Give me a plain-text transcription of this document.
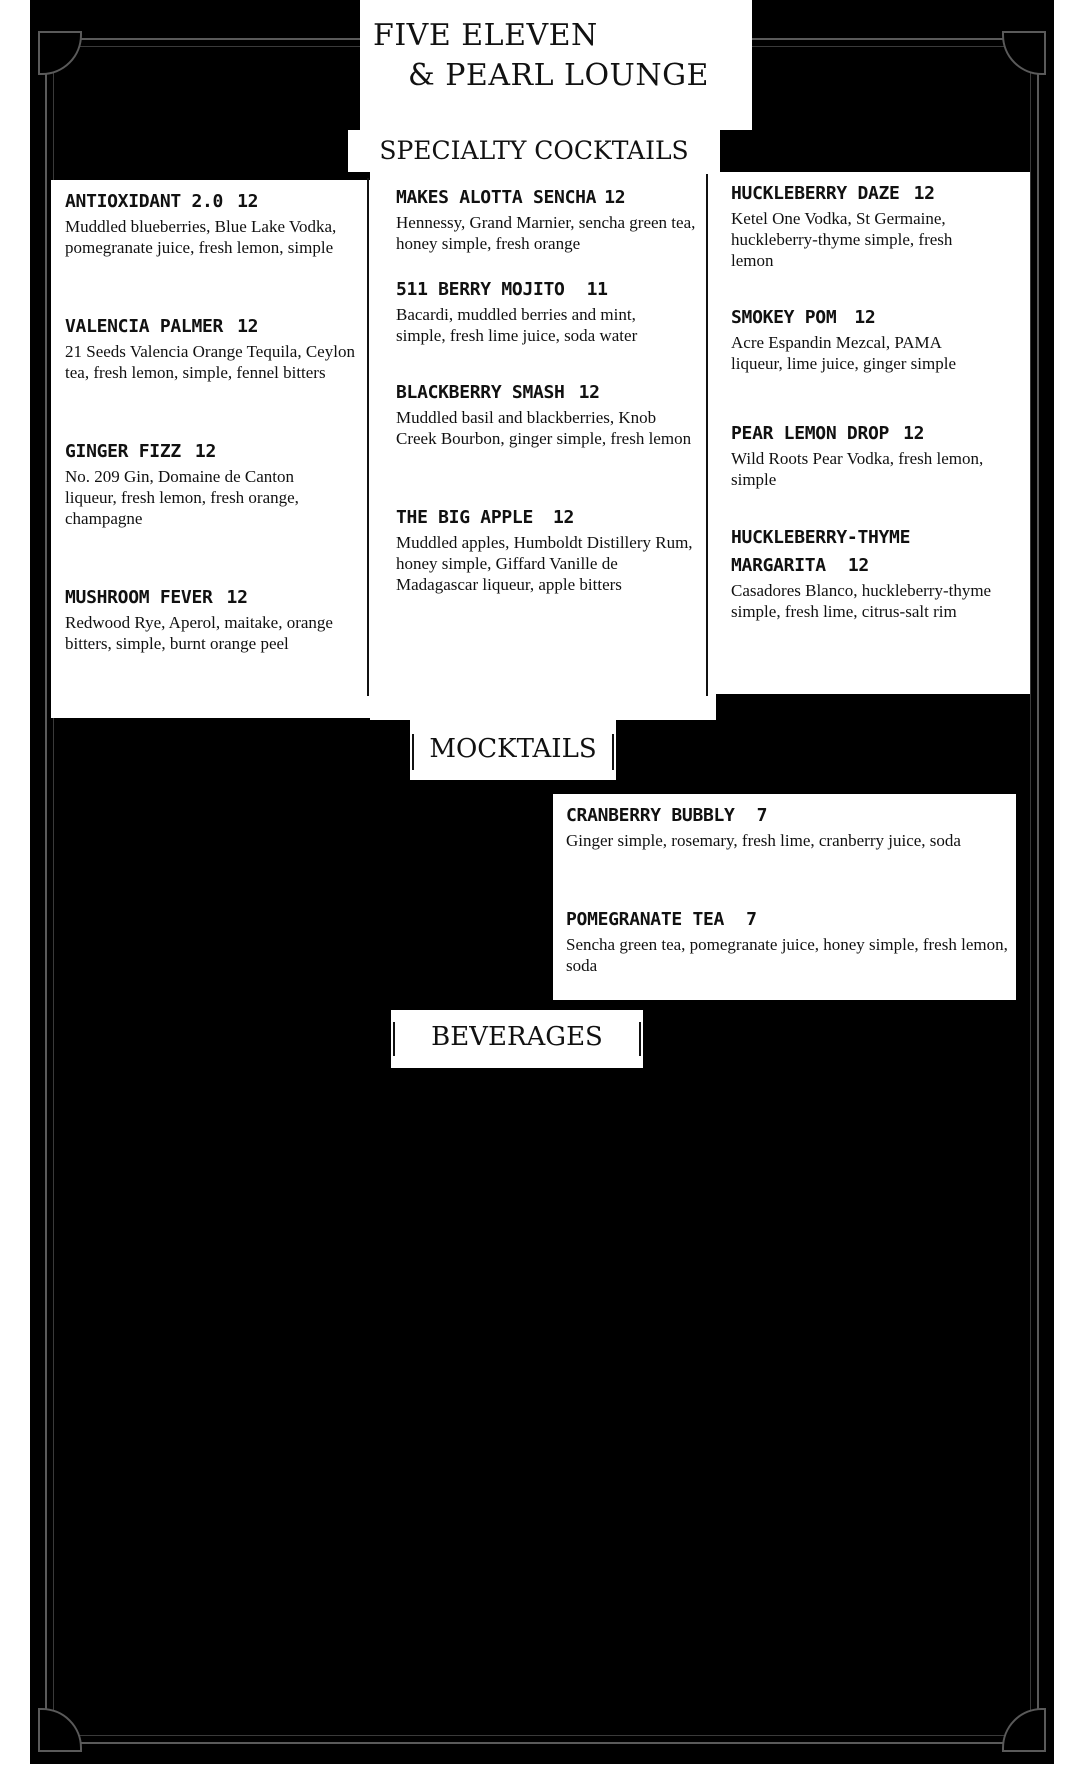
FIVE ELEVEN
& PEARL LOUNGE
SPECIALTY COCKTAILS
ANTIOXIDANT 2.0 12

Muddled blueberries, Blue Lake Vodka, pomegranate juice, fresh lemon, simple

VALENCIA PALMER 12

21 Seeds Valencia Orange Tequila, Ceylon tea, fresh lemon, simple, fennel bitters

GINGER FIZZ 12

No. 209 Gin, Domaine de Canton liqueur, fresh lemon, fresh orange, champagne

MUSHROOM FEVER 12

Redwood Rye, Aperol, maitake, orange bitters, simple, burnt orange peel

MAKES ALOTTA SENCHA 12

Hennessy, Grand Marnier, sencha green tea, honey simple, fresh orange

511 BERRY MOJITO 11

Bacardi, muddled berries and mint, simple, fresh lime juice, soda water

BLACKBERRY SMASH 12

Muddled basil and blackberries, Knob Creek Bourbon, ginger simple, fresh lemon

THE BIG APPLE 12

Muddled apples, Humboldt Distillery Rum, honey simple, Giffard Vanille de Madagascar liqueur, apple bitters

HUCKLEBERRY DAZE 12

Ketel One Vodka, St Germaine, huckleberry-thyme simple, fresh lemon

SMOKEY POM 12

Acre Espandin Mezcal, PAMA liqueur, lime juice, ginger simple

PEAR LEMON DROP 12

Wild Roots Pear Vodka, fresh lemon, simple

HUCKLEBERRY-THYME
MARGARITA 12

Casadores Blanco, huckleberry-thyme simple, fresh lime, citrus-salt rim

MOCKTAILS
CRANBERRY BUBBLY 7

Ginger simple, rosemary, fresh lime, cranberry juice, soda

POMEGRANATE TEA 7

Sencha green tea, pomegranate juice, honey simple, fresh lemon, soda

BEVERAGES
